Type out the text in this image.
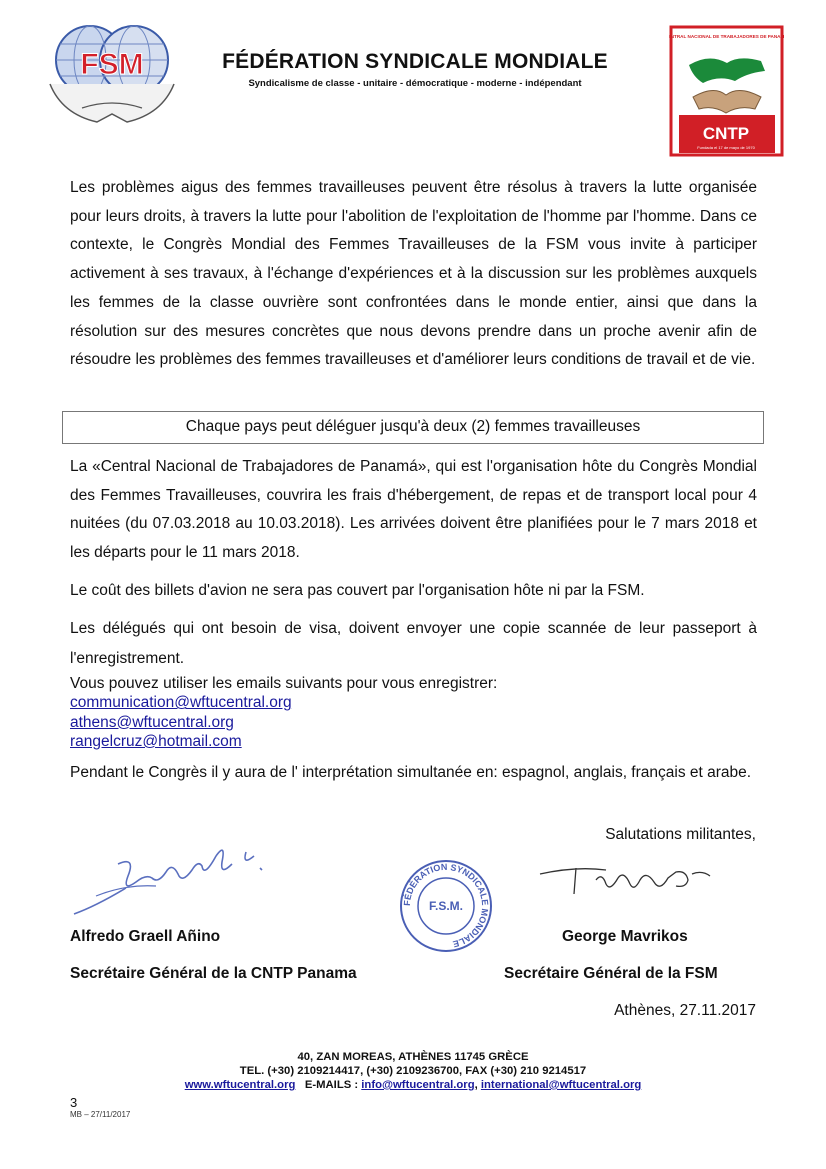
FSM	FÉDÉRATION SYNDICALE MONDIALE
Syndicalisme de classe - unitaire - démocratique - moderne - indépendant
CENTRAL NACIONAL DE TRABAJADORES DE PANAMÁ
CNTP
Fundada el 17 de mayo de 1970
Les problèmes aigus des femmes travailleuses peuvent être résolus à travers la lutte organisée pour leurs droits, à travers la lutte pour l'abolition de l'exploitation de l'homme par l'homme. Dans ce contexte, le Congrès Mondial des Femmes Travailleuses de la FSM vous invite à participer activement à ses travaux, à l'échange d'expériences et à la discussion sur les problèmes auxquels les femmes de la classe ouvrière sont confrontées dans le monde entier, ainsi que dans la résolution sur des mesures concrètes que nous devons prendre dans un proche avenir afin de résoudre les problèmes des femmes travailleuses et d'améliorer leurs conditions de travail et de vie.
Chaque pays peut déléguer jusqu'à deux (2) femmes travailleuses
La «Central Nacional de Trabajadores de Panamá», qui est l'organisation hôte du Congrès Mondial des Femmes Travailleuses, couvrira les frais d'hébergement, de repas et de transport local pour 4 nuitées (du 07.03.2018 au 10.03.2018). Les arrivées doivent être planifiées pour le 7 mars 2018 et les départs pour le 11 mars 2018.
Le coût des billets d'avion ne sera pas couvert par l'organisation hôte ni par la FSM.
Les délégués qui ont besoin de visa, doivent envoyer une copie scannée de leur passeport à l'enregistrement.
Vous pouvez utiliser les emails suivants pour vous enregistrer:
communication@wftucentral.org
athens@wftucentral.org
rangelcruz@hotmail.com
Pendant le Congrès il y aura de l' interprétation simultanée en: espagnol, anglais, français et arabe.
Salutations militantes,
FÉDÉRATION SYNDICALE MONDIALE
F.S.M.
Alfredo Graell Añino	George Mavrikos
Secrétaire Général de la CNTP Panama	Secrétaire Général de la FSM
Athènes, 27.11.2017
40, ZAN MOREAS, ATHÈNES 11745 GRÈCE
TEL. (+30) 2109214417, (+30) 2109236700, FAX (+30) 210 9214517
www.wftucentral.org E-MAILS : info@wftucentral.org, international@wftucentral.org
3
MB – 27/11/2017
